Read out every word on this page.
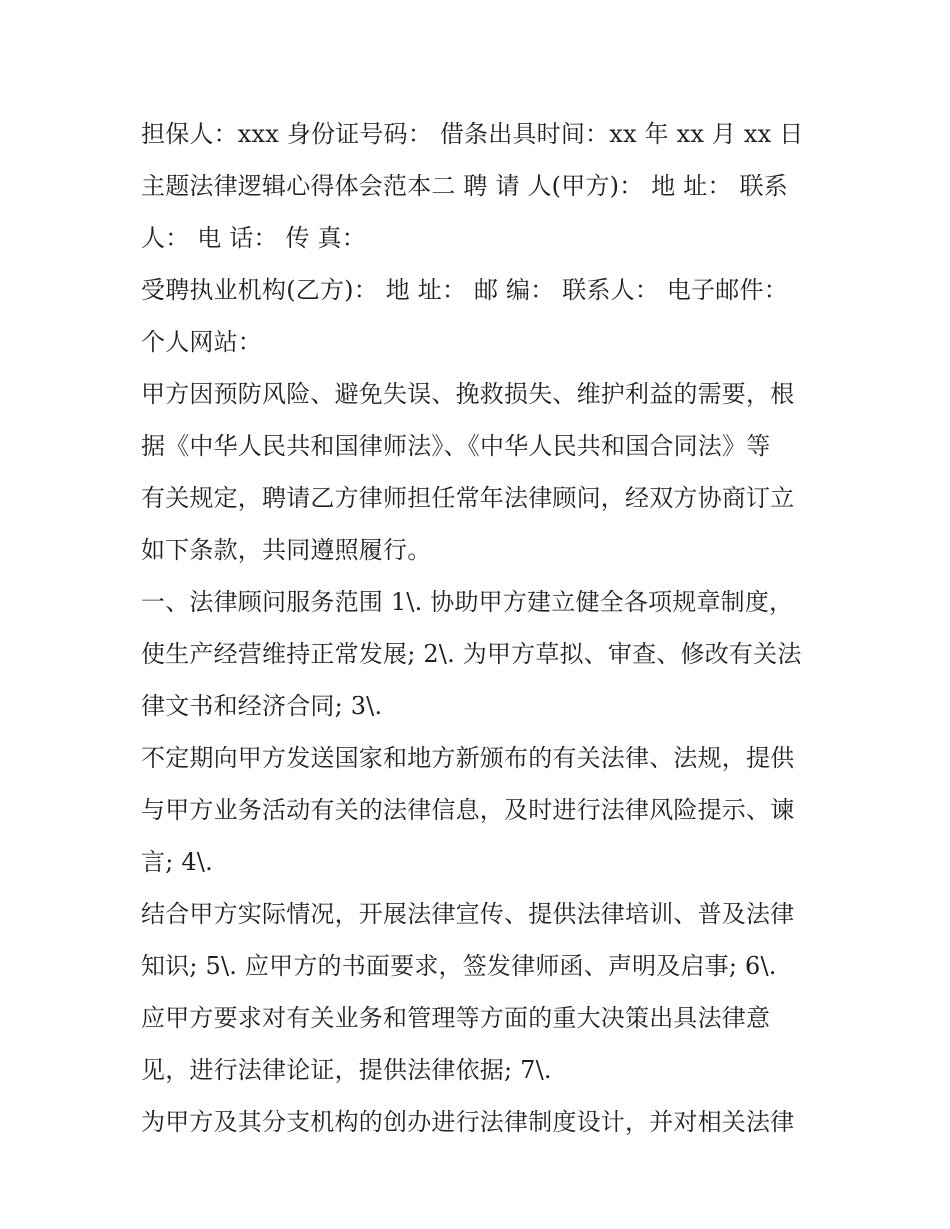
担保人：xxx 身份证号码： 借条出具时间：xx 年 xx 月 xx 日
主题法律逻辑心得体会范本二 聘 请 人(甲方)： 地 址： 联系
人： 电 话： 传 真：
受聘执业机构(乙方)： 地 址： 邮 编： 联系人： 电子邮件：
个人网站：
甲方因预防风险、避免失误、挽救损失、维护利益的需要，根
据《中华人民共和国律师法》、《中华人民共和国合同法》等
有关规定，聘请乙方律师担任常年法律顾问，经双方协商订立
如下条款，共同遵照履行。
一、法律顾问服务范围 1\. 协助甲方建立健全各项规章制度，
使生产经营维持正常发展; 2\. 为甲方草拟、审查、修改有关法
律文书和经济合同; 3\.
不定期向甲方发送国家和地方新颁布的有关法律、法规，提供
与甲方业务活动有关的法律信息，及时进行法律风险提示、谏
言; 4\.
结合甲方实际情况，开展法律宣传、提供法律培训、普及法律
知识; 5\. 应甲方的书面要求，签发律师函、声明及启事; 6\.
应甲方要求对有关业务和管理等方面的重大决策出具法律意
见，进行法律论证，提供法律依据; 7\.
为甲方及其分支机构的创办进行法律制度设计，并对相关法律
